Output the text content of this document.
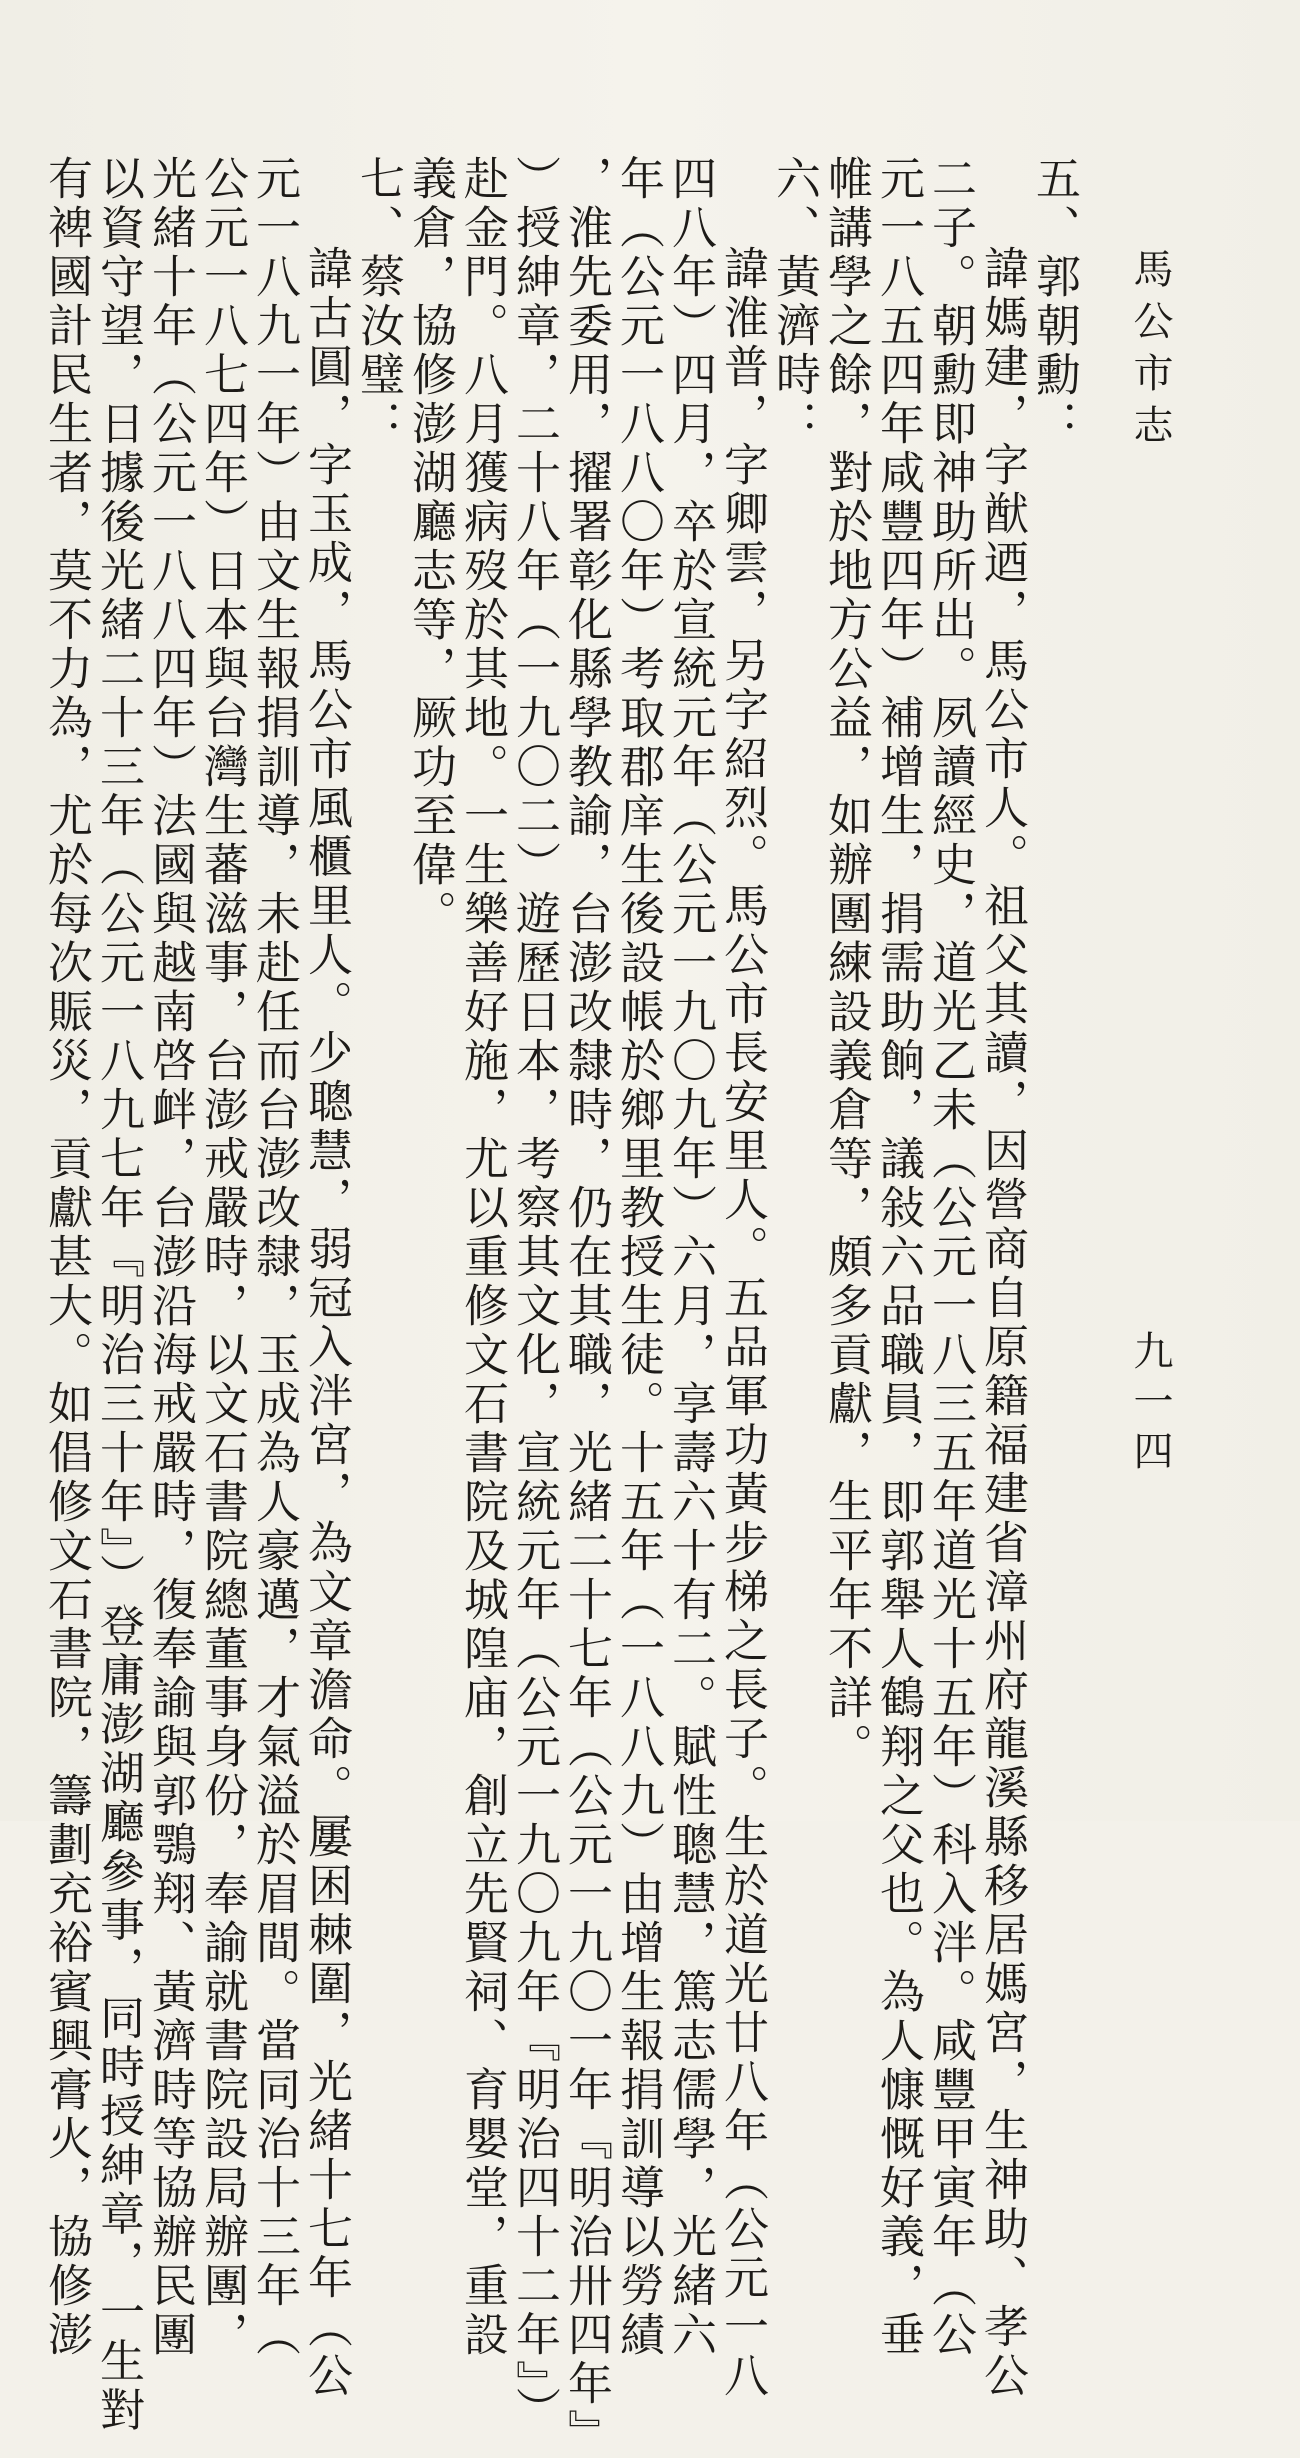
馬公市志
五、郭朝勳：
諱媽建，字猷迺，馬公市人。祖父其讀，因營商自原籍福建省漳州府龍溪縣移居媽宮，生神助、孝公
二子。朝勳即神助所出。夙讀經史，道光乙未（公元一八三五年道光十五年）科入泮。咸豐甲寅年（公
元一八五四年咸豐四年）補增生，捐需助餉，議敍六品職員，即郭舉人鶴翔之父也。為人慷慨好義，垂
帷講學之餘，對於地方公益，如辦團練設義倉等，頗多貢獻，生平年不詳。
六、黃濟時：
諱淮普，字卿雲，另字紹烈。馬公市長安里人。五品軍功黃步梯之長子。生於道光廿八年（公元一八
四八年）四月，卒於宣統元年（公元一九〇九年）六月，享壽六十有二。賦性聰慧，篤志儒學，光緒六
年（公元一八八〇年）考取郡庠生後設帳於鄉里教授生徒。十五年（一八八九）由增生報捐訓導以勞績
，淮先委用，擢署彰化縣學教諭，台澎改隸時，仍在其職，光緒二十七年（公元一九〇一年『明治卅四年』
）授紳章，二十八年（一九〇二）遊歷日本，考察其文化，宣統元年（公元一九〇九年『明治四十二年』）
赴金門。八月獲病歿於其地。一生樂善好施，尤以重修文石書院及城隍庙，創立先賢祠、育嬰堂，重設
義倉，協修澎湖廳志等，厥功至偉。
七、蔡汝璧：
諱古圓，字玉成，馬公市風櫃里人。少聰慧，弱冠入泮宮，為文章澹命。屢困棘圍，光緒十七年（公
元一八九一年）由文生報捐訓導，未赴任而台澎改隸，玉成為人豪邁，才氣溢於眉間。當同治十三年（
公元一八七四年）日本與台灣生蕃滋事，台澎戒嚴時，以文石書院總董事身份，奉諭就書院設局辦團，
光緒十年（公元一八八四年）法國與越南啓衅，台澎沿海戒嚴時，復奉諭與郭鶚翔、黃濟時等協辦民團
以資守望，日據後光緒二十三年（公元一八九七年『明治三十年』）登庸澎湖廳參事，同時授紳章，一生對
有裨國計民生者，莫不力為，尤於每次賑災，貢獻甚大。如倡修文石書院，籌劃充裕賓興膏火，協修澎	九一四
